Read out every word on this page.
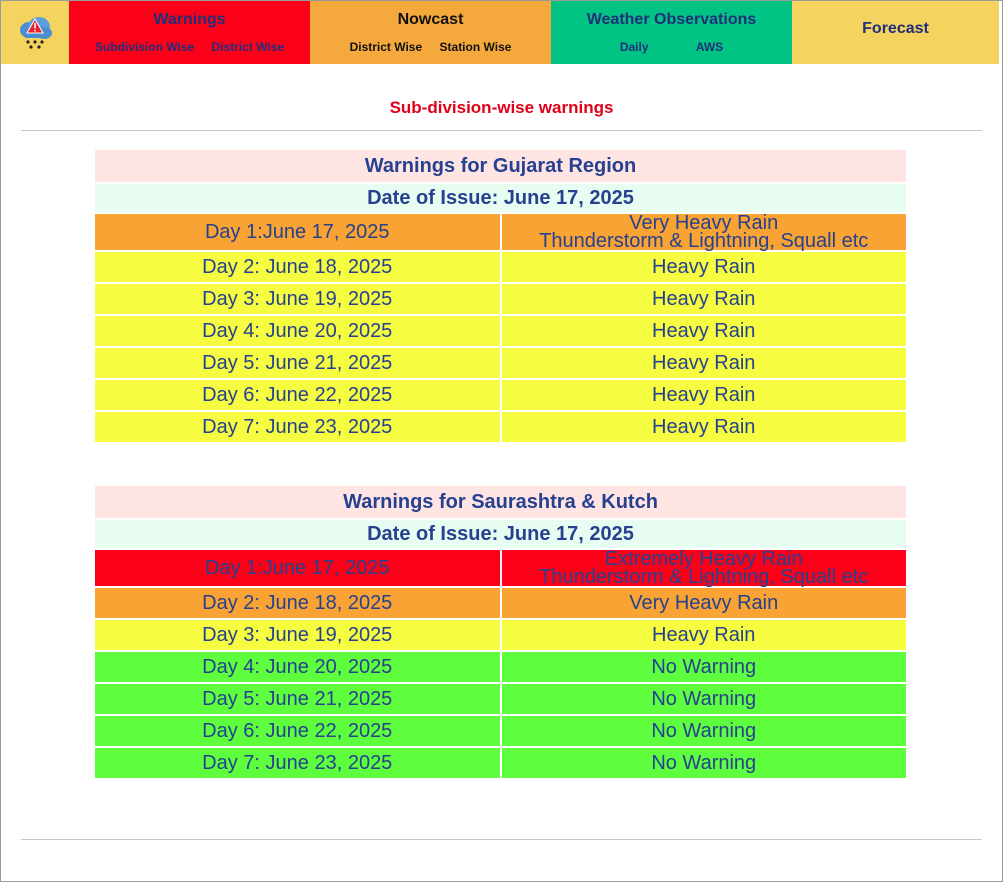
Warnings
Subdivision Wise District Wise
Nowcast
District Wise Station Wise
Weather Observations
Daily	AWS
Forecast
Sub-division-wise warnings
Warnings for Gujarat Region	
Date of Issue: June 17, 2025	
Day 1:June 17, 2025	Very Heavy Rain
Thunderstorm & Lightning, Squall etc

Day 2: June 18, 2025	Heavy Rain
Day 3: June 19, 2025	Heavy Rain
Day 4: June 20, 2025	Heavy Rain
Day 5: June 21, 2025	Heavy Rain
Day 6: June 22, 2025	Heavy Rain
Day 7: June 23, 2025	Heavy Rain
Warnings for Saurashtra & Kutch	
Date of Issue: June 17, 2025	
Day 1:June 17, 2025	Extremely Heavy Rain
Thunderstorm & Lightning, Squall etc

Day 2: June 18, 2025	Very Heavy Rain
Day 3: June 19, 2025	Heavy Rain
Day 4: June 20, 2025	No Warning
Day 5: June 21, 2025	No Warning
Day 6: June 22, 2025	No Warning
Day 7: June 23, 2025	No Warning
